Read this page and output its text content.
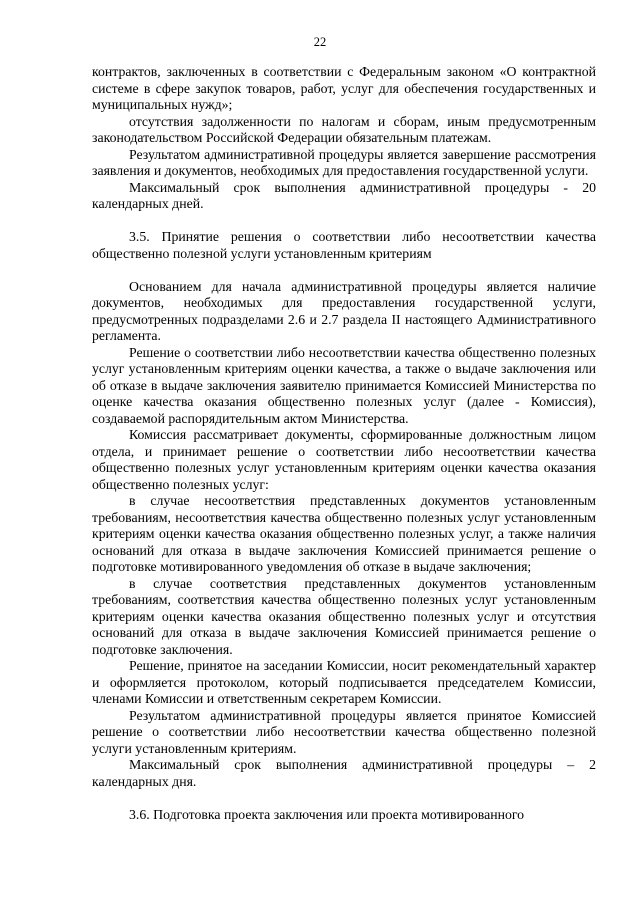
22

контрактов, заключенных в соответствии с Федеральным законом «О контрактной системе в сфере закупок товаров, работ, услуг для обеспечения государственных и муниципальных нужд»;

отсутствия задолженности по налогам и сборам, иным предусмотренным законодательством Российской Федерации обязательным платежам.

Результатом административной процедуры является завершение рассмотрения заявления и документов, необходимых для предоставления государственной услуги.

Максимальный срок выполнения административной процедуры - 20 календарных дней.

3.5. Принятие решения о соответствии либо несоответствии качества общественно полезной услуги установленным критериям

Основанием для начала административной процедуры является наличие документов, необходимых для предоставления государственной услуги, предусмотренных подразделами 2.6 и 2.7 раздела II настоящего Административного регламента.

Решение о соответствии либо несоответствии качества общественно полезных услуг установленным критериям оценки качества, а также о выдаче заключения или об отказе в выдаче заключения заявителю принимается Комиссией Министерства по оценке качества оказания общественно полезных услуг (далее - Комиссия), создаваемой распорядительным актом Министерства.

Комиссия рассматривает документы, сформированные должностным лицом отдела, и принимает решение о соответствии либо несоответствии качества общественно полезных услуг установленным критериям оценки качества оказания общественно полезных услуг:

в случае несоответствия представленных документов установленным требованиям, несоответствия качества общественно полезных услуг установленным критериям оценки качества оказания общественно полезных услуг, а также наличия оснований для отказа в выдаче заключения Комиссией принимается решение о подготовке мотивированного уведомления об отказе в выдаче заключения;

в случае соответствия представленных документов установленным требованиям, соответствия качества общественно полезных услуг установленным критериям оценки качества оказания общественно полезных услуг и отсутствия оснований для отказа в выдаче заключения Комиссией принимается решение о подготовке заключения.

Решение, принятое на заседании Комиссии, носит рекомендательный характер и оформляется протоколом, который подписывается председателем Комиссии, членами Комиссии и ответственным секретарем Комиссии.

Результатом административной процедуры является принятое Комиссией решение о соответствии либо несоответствии качества общественно полезной услуги установленным критериям.

Максимальный срок выполнения административной процедуры – 2 календарных дня.

3.6. Подготовка проекта заключения или проекта мотивированного
